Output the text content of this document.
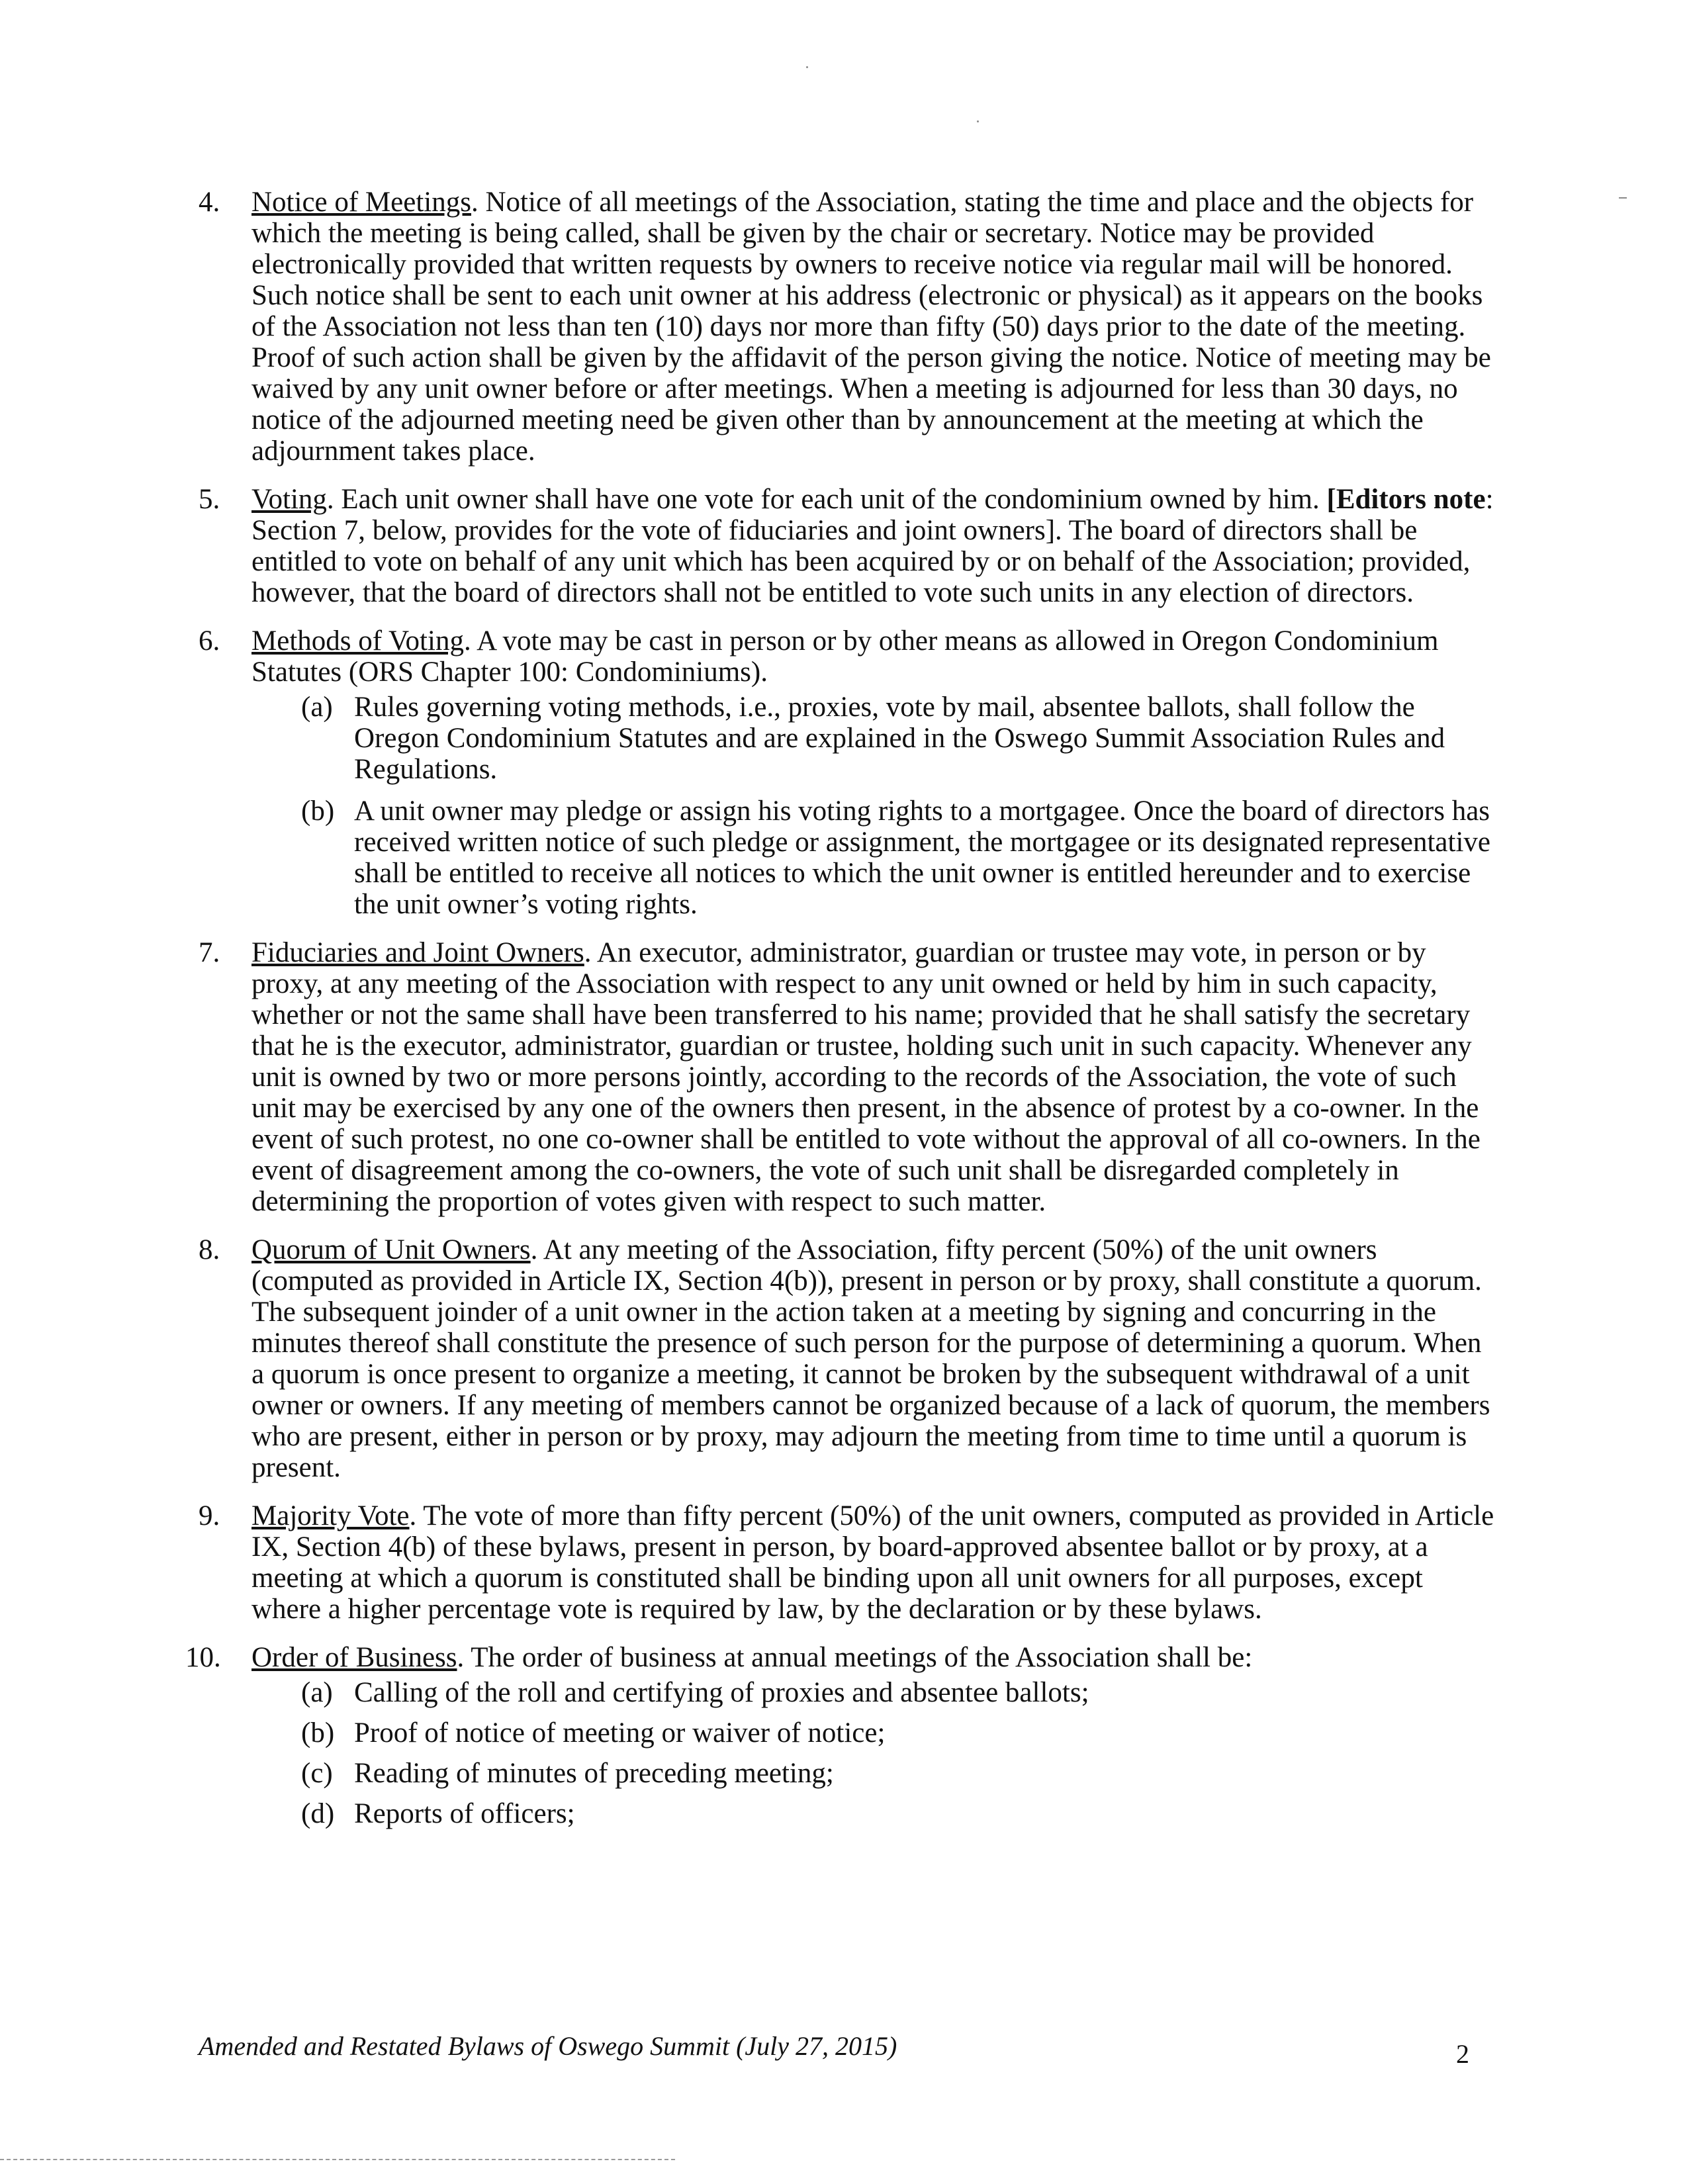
4.	Notice of Meetings. Notice of all meetings of the Association, stating the time and place and the objects for which the meeting is being called, shall be given by the chair or secretary. Notice may be provided electronically provided that written requests by owners to receive notice via regular mail will be honored. Such notice shall be sent to each unit owner at his address (electronic or physical) as it appears on the books of the Association not less than ten (10) days nor more than fifty (50) days prior to the date of the meeting. Proof of such action shall be given by the affidavit of the person giving the notice. Notice of meeting may be waived by any unit owner before or after meetings. When a meeting is adjourned for less than 30 days, no notice of the adjourned meeting need be given other than by announcement at the meeting at which the adjournment takes place.
5.	Voting. Each unit owner shall have one vote for each unit of the condominium owned by him. [Editors note: Section 7, below, provides for the vote of fiduciaries and joint owners]. The board of directors shall be entitled to vote on behalf of any unit which has been acquired by or on behalf of the Association; provided, however, that the board of directors shall not be entitled to vote such units in any election of directors.
6.	Methods of Voting. A vote may be cast in person or by other means as allowed in Oregon Condominium Statutes (ORS Chapter 100: Condominiums).
(a) Rules governing voting methods, i.e., proxies, vote by mail, absentee ballots, shall follow the Oregon Condominium Statutes and are explained in the Oswego Summit Association Rules and Regulations.
(b) A unit owner may pledge or assign his voting rights to a mortgagee. Once the board of directors has received written notice of such pledge or assignment, the mortgagee or its designated representative shall be entitled to receive all notices to which the unit owner is entitled hereunder and to exercise the unit owner’s voting rights.
7.	Fiduciaries and Joint Owners. An executor, administrator, guardian or trustee may vote, in person or by proxy, at any meeting of the Association with respect to any unit owned or held by him in such capacity, whether or not the same shall have been transferred to his name; provided that he shall satisfy the secretary that he is the executor, administrator, guardian or trustee, holding such unit in such capacity. Whenever any unit is owned by two or more persons jointly, according to the records of the Association, the vote of such unit may be exercised by any one of the owners then present, in the absence of protest by a co-owner. In the event of such protest, no one co-owner shall be entitled to vote without the approval of all co-owners. In the event of disagreement among the co-owners, the vote of such unit shall be disregarded completely in determining the proportion of votes given with respect to such matter.
8.	Quorum of Unit Owners. At any meeting of the Association, fifty percent (50%) of the unit owners (computed as provided in Article IX, Section 4(b)), present in person or by proxy, shall constitute a quorum. The subsequent joinder of a unit owner in the action taken at a meeting by signing and concurring in the minutes thereof shall constitute the presence of such person for the purpose of determining a quorum. When a quorum is once present to organize a meeting, it cannot be broken by the subsequent withdrawal of a unit owner or owners. If any meeting of members cannot be organized because of a lack of quorum, the members who are present, either in person or by proxy, may adjourn the meeting from time to time until a quorum is present.
9.	Majority Vote. The vote of more than fifty percent (50%) of the unit owners, computed as provided in Article IX, Section 4(b) of these bylaws, present in person, by board-approved absentee ballot or by proxy, at a meeting at which a quorum is constituted shall be binding upon all unit owners for all purposes, except where a higher percentage vote is required by law, by the declaration or by these bylaws.
10.	Order of Business. The order of business at annual meetings of the Association shall be:
(a) Calling of the roll and certifying of proxies and absentee ballots;
(b) Proof of notice of meeting or waiver of notice;
(c) Reading of minutes of preceding meeting;
(d) Reports of officers;
Amended and Restated Bylaws of Oswego Summit (July 27, 2015)	2
